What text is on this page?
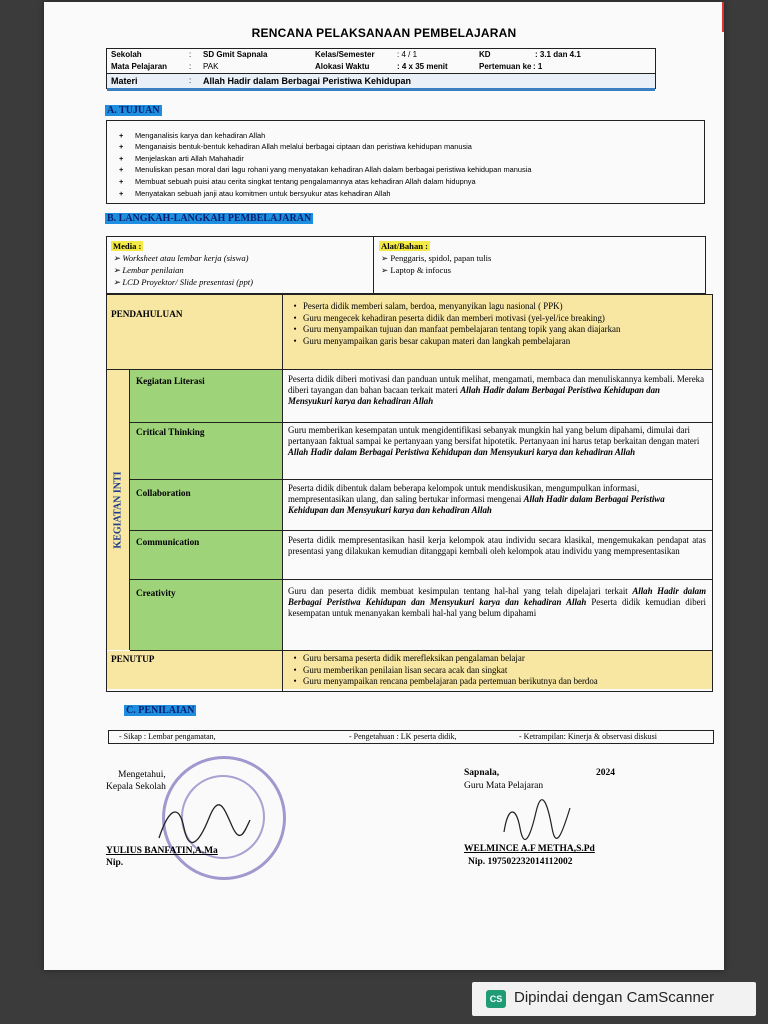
RENCANA PELAKSANAAN PEMBELAJARAN
Sekolah	: SD Gmit Sapnala	Kelas/Semester	: 4 / 1	KD	: 3.1 dan 4.1
Mata Pelajaran	: PAK	Alokasi Waktu	: 4 x 35 menit	Pertemuan ke : 1
Materi	: Allah Hadir dalam Berbagai Peristiwa Kehidupan
A. TUJUAN
+ Menganalisis karya dan kehadiran Allah
+ Menganaisis bentuk-bentuk kehadiran Allah melalui berbagai ciptaan dan peristiwa kehidupan manusia
+ Menjelaskan arti Allah Mahahadir
+ Menuliskan pesan moral dari lagu rohani yang menyatakan kehadiran Allah dalam berbagai peristiwa kehidupan manusia
+ Membuat sebuah puisi atau cerita singkat tentang pengalamannya atas kehadiran Allah dalam hidupnya
+ Menyatakan sebuah janji atau komitmen untuk bersyukur atas kehadiran Allah
B. LANGKAH-LANGKAH PEMBELAJARAN
Media :
➢ Worksheet atau lembar kerja (siswa)
➢ Lembar penilaian
➢ LCD Proyektor/ Slide presentasi (ppt)
Alat/Bahan :
➢ Penggaris, spidol, papan tulis
➢ Laptop & infocus
PENDAHULUAN
• Peserta didik memberi salam, berdoa, menyanyikan lagu nasional ( PPK)
• Guru mengecek kehadiran peserta didik dan memberi motivasi (yel-yel/ice breaking)
• Guru menyampaikan tujuan dan manfaat pembelajaran tentang topik yang akan diajarkan
• Guru menyampaikan garis besar cakupan materi dan langkah pembelajaran
KEGIATAN INTI
Kegiatan Literasi	Peserta didik diberi motivasi dan panduan untuk melihat, mengamati, membaca dan menuliskannya kembali. Mereka diberi tayangan dan bahan bacaan terkait materi Allah Hadir dalam Berbagai Peristiwa Kehidupan dan Mensyukuri karya dan kehadiran Allah
Critical Thinking	Guru memberikan kesempatan untuk mengidentifikasi sebanyak mungkin hal yang belum dipahami, dimulai dari pertanyaan faktual sampai ke pertanyaan yang bersifat hipotetik. Pertanyaan ini harus tetap berkaitan dengan materi Allah Hadir dalam Berbagai Peristiwa Kehidupan dan Mensyukuri karya dan kehadiran Allah
Collaboration	Peserta didik dibentuk dalam beberapa kelompok untuk mendiskusikan, mengumpulkan informasi, mempresentasikan ulang, dan saling bertukar informasi mengenai Allah Hadir dalam Berbagai Peristiwa Kehidupan dan Mensyukuri karya dan kehadiran Allah
Communication	Peserta didik mempresentasikan hasil kerja kelompok atau individu secara klasikal, mengemukakan pendapat atas presentasi yang dilakukan kemudian ditanggapi kembali oleh kelompok atau individu yang mempresentasikan
Creativity	Guru dan peserta didik membuat kesimpulan tentang hal-hal yang telah dipelajari terkait Allah Hadir dalam Berbagai Peristiwa Kehidupan dan Mensyukuri karya dan kehadiran Allah Peserta didik kemudian diberi kesempatan untuk menanyakan kembali hal-hal yang belum dipahami
PENUTUP
•	Guru bersama peserta didik merefleksikan pengalaman belajar
• Guru memberikan penilaian lisan secara acak dan singkat
• Guru menyampaikan rencana pembelajaran pada pertemuan berikutnya dan berdoa
C. PENILAIAN
- Sikap : Lembar pengamatan,	- Pengetahuan : LK peserta didik,	- Ketrampilan: Kinerja & observasi diskusi
Mengetahui,
Kepala Sekolah
YULIUS BANFATIN,A.Ma
Nip.
Sapnala,	2024
Guru Mata Pelajaran
WELMINCE A.F METHA,S.Pd
Nip. 197502232014112002
CS Dipindai dengan CamScanner
